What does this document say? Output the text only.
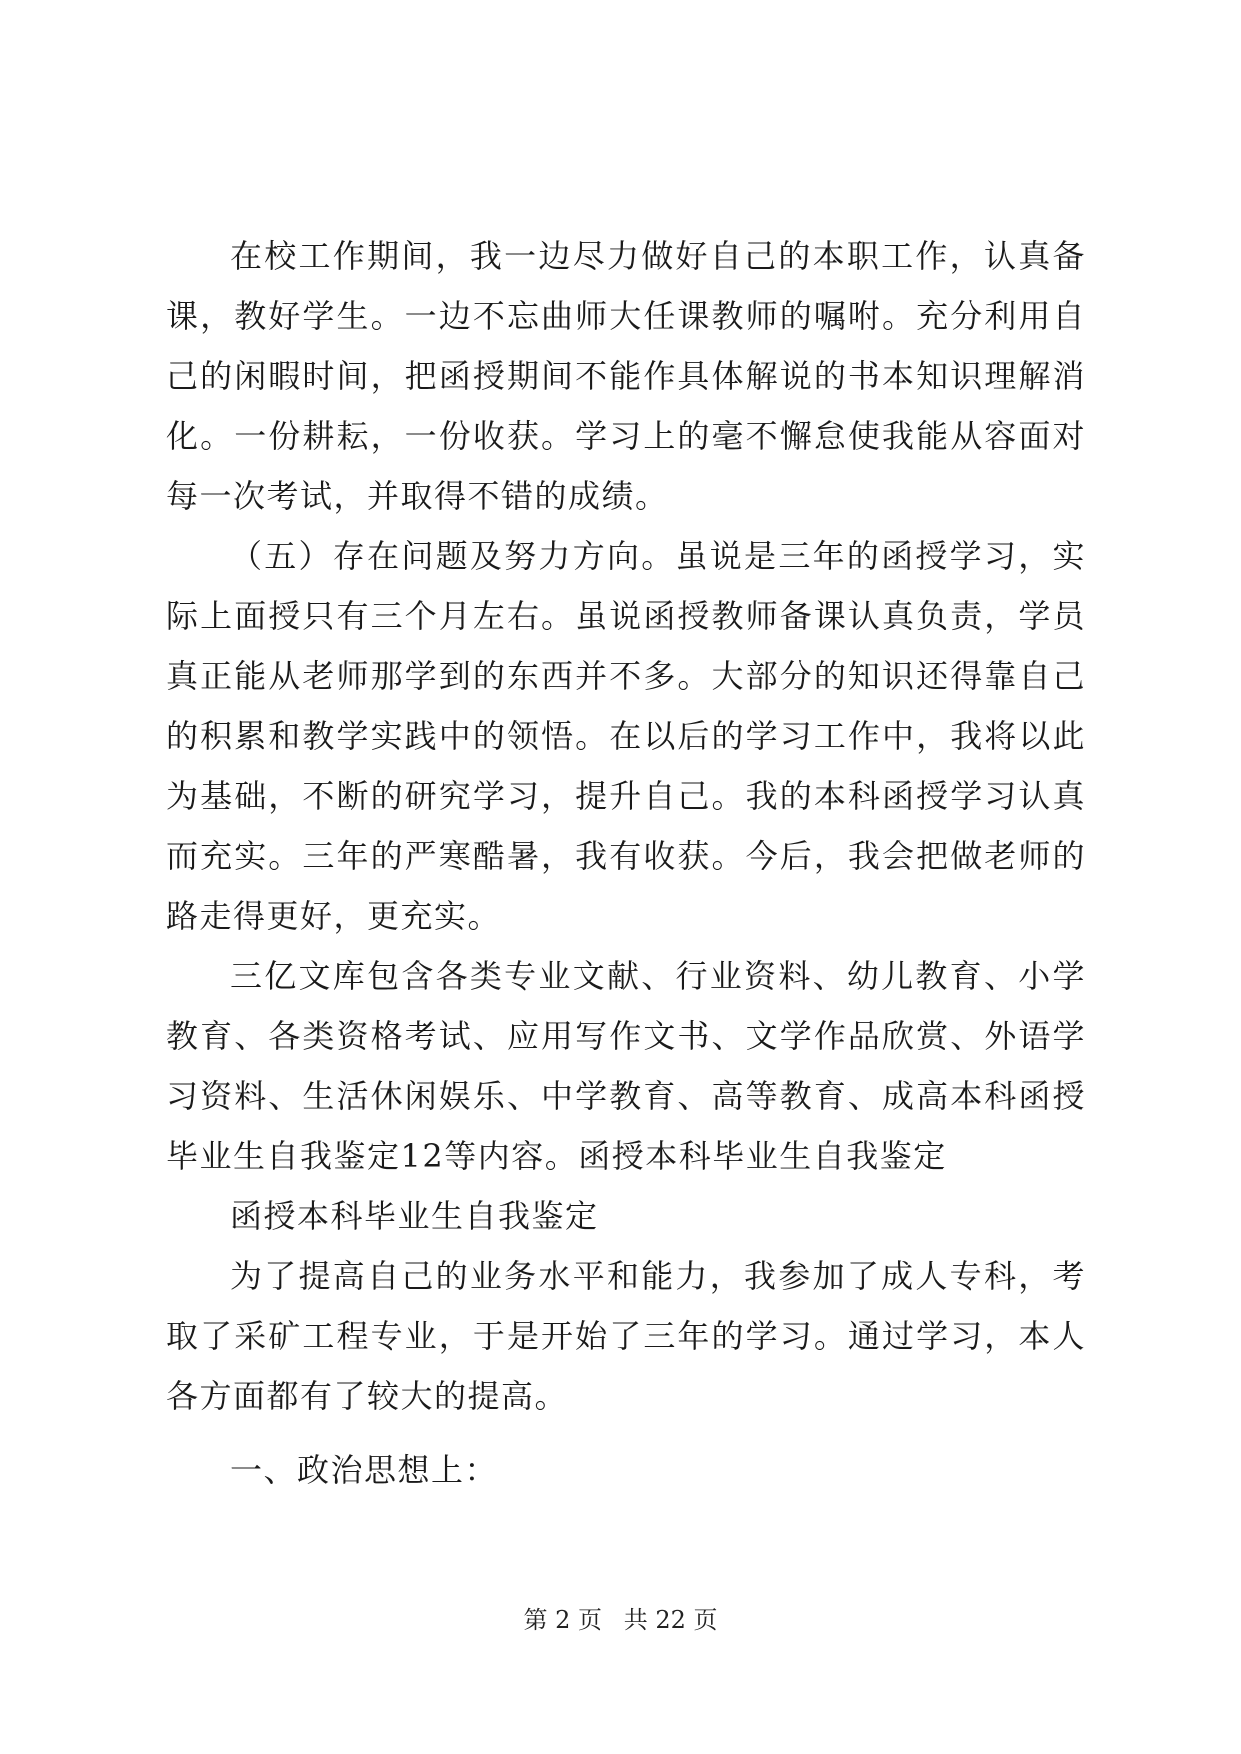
在校工作期间，我一边尽力做好自己的本职工作，认真备课，教好学生。一边不忘曲师大任课教师的嘱咐。充分利用自己的闲暇时间，把函授期间不能作具体解说的书本知识理解消化。一份耕耘，一份收获。学习上的毫不懈怠使我能从容面对每一次考试，并取得不错的成绩。

（五）存在问题及努力方向。虽说是三年的函授学习，实际上面授只有三个月左右。虽说函授教师备课认真负责，学员真正能从老师那学到的东西并不多。大部分的知识还得靠自己的积累和教学实践中的领悟。在以后的学习工作中，我将以此为基础，不断的研究学习，提升自己。我的本科函授学习认真而充实。三年的严寒酷暑，我有收获。今后，我会把做老师的路走得更好，更充实。

三亿文库包含各类专业文献、行业资料、幼儿教育、小学教育、各类资格考试、应用写作文书、文学作品欣赏、外语学习资料、生活休闲娱乐、中学教育、高等教育、成高本科函授毕业生自我鉴定12等内容。函授本科毕业生自我鉴定

函授本科毕业生自我鉴定

为了提高自己的业务水平和能力，我参加了成人专科，考取了采矿工程专业，于是开始了三年的学习。通过学习，本人各方面都有了较大的提高。

一、政治思想上：

第 2 页 共 22 页
